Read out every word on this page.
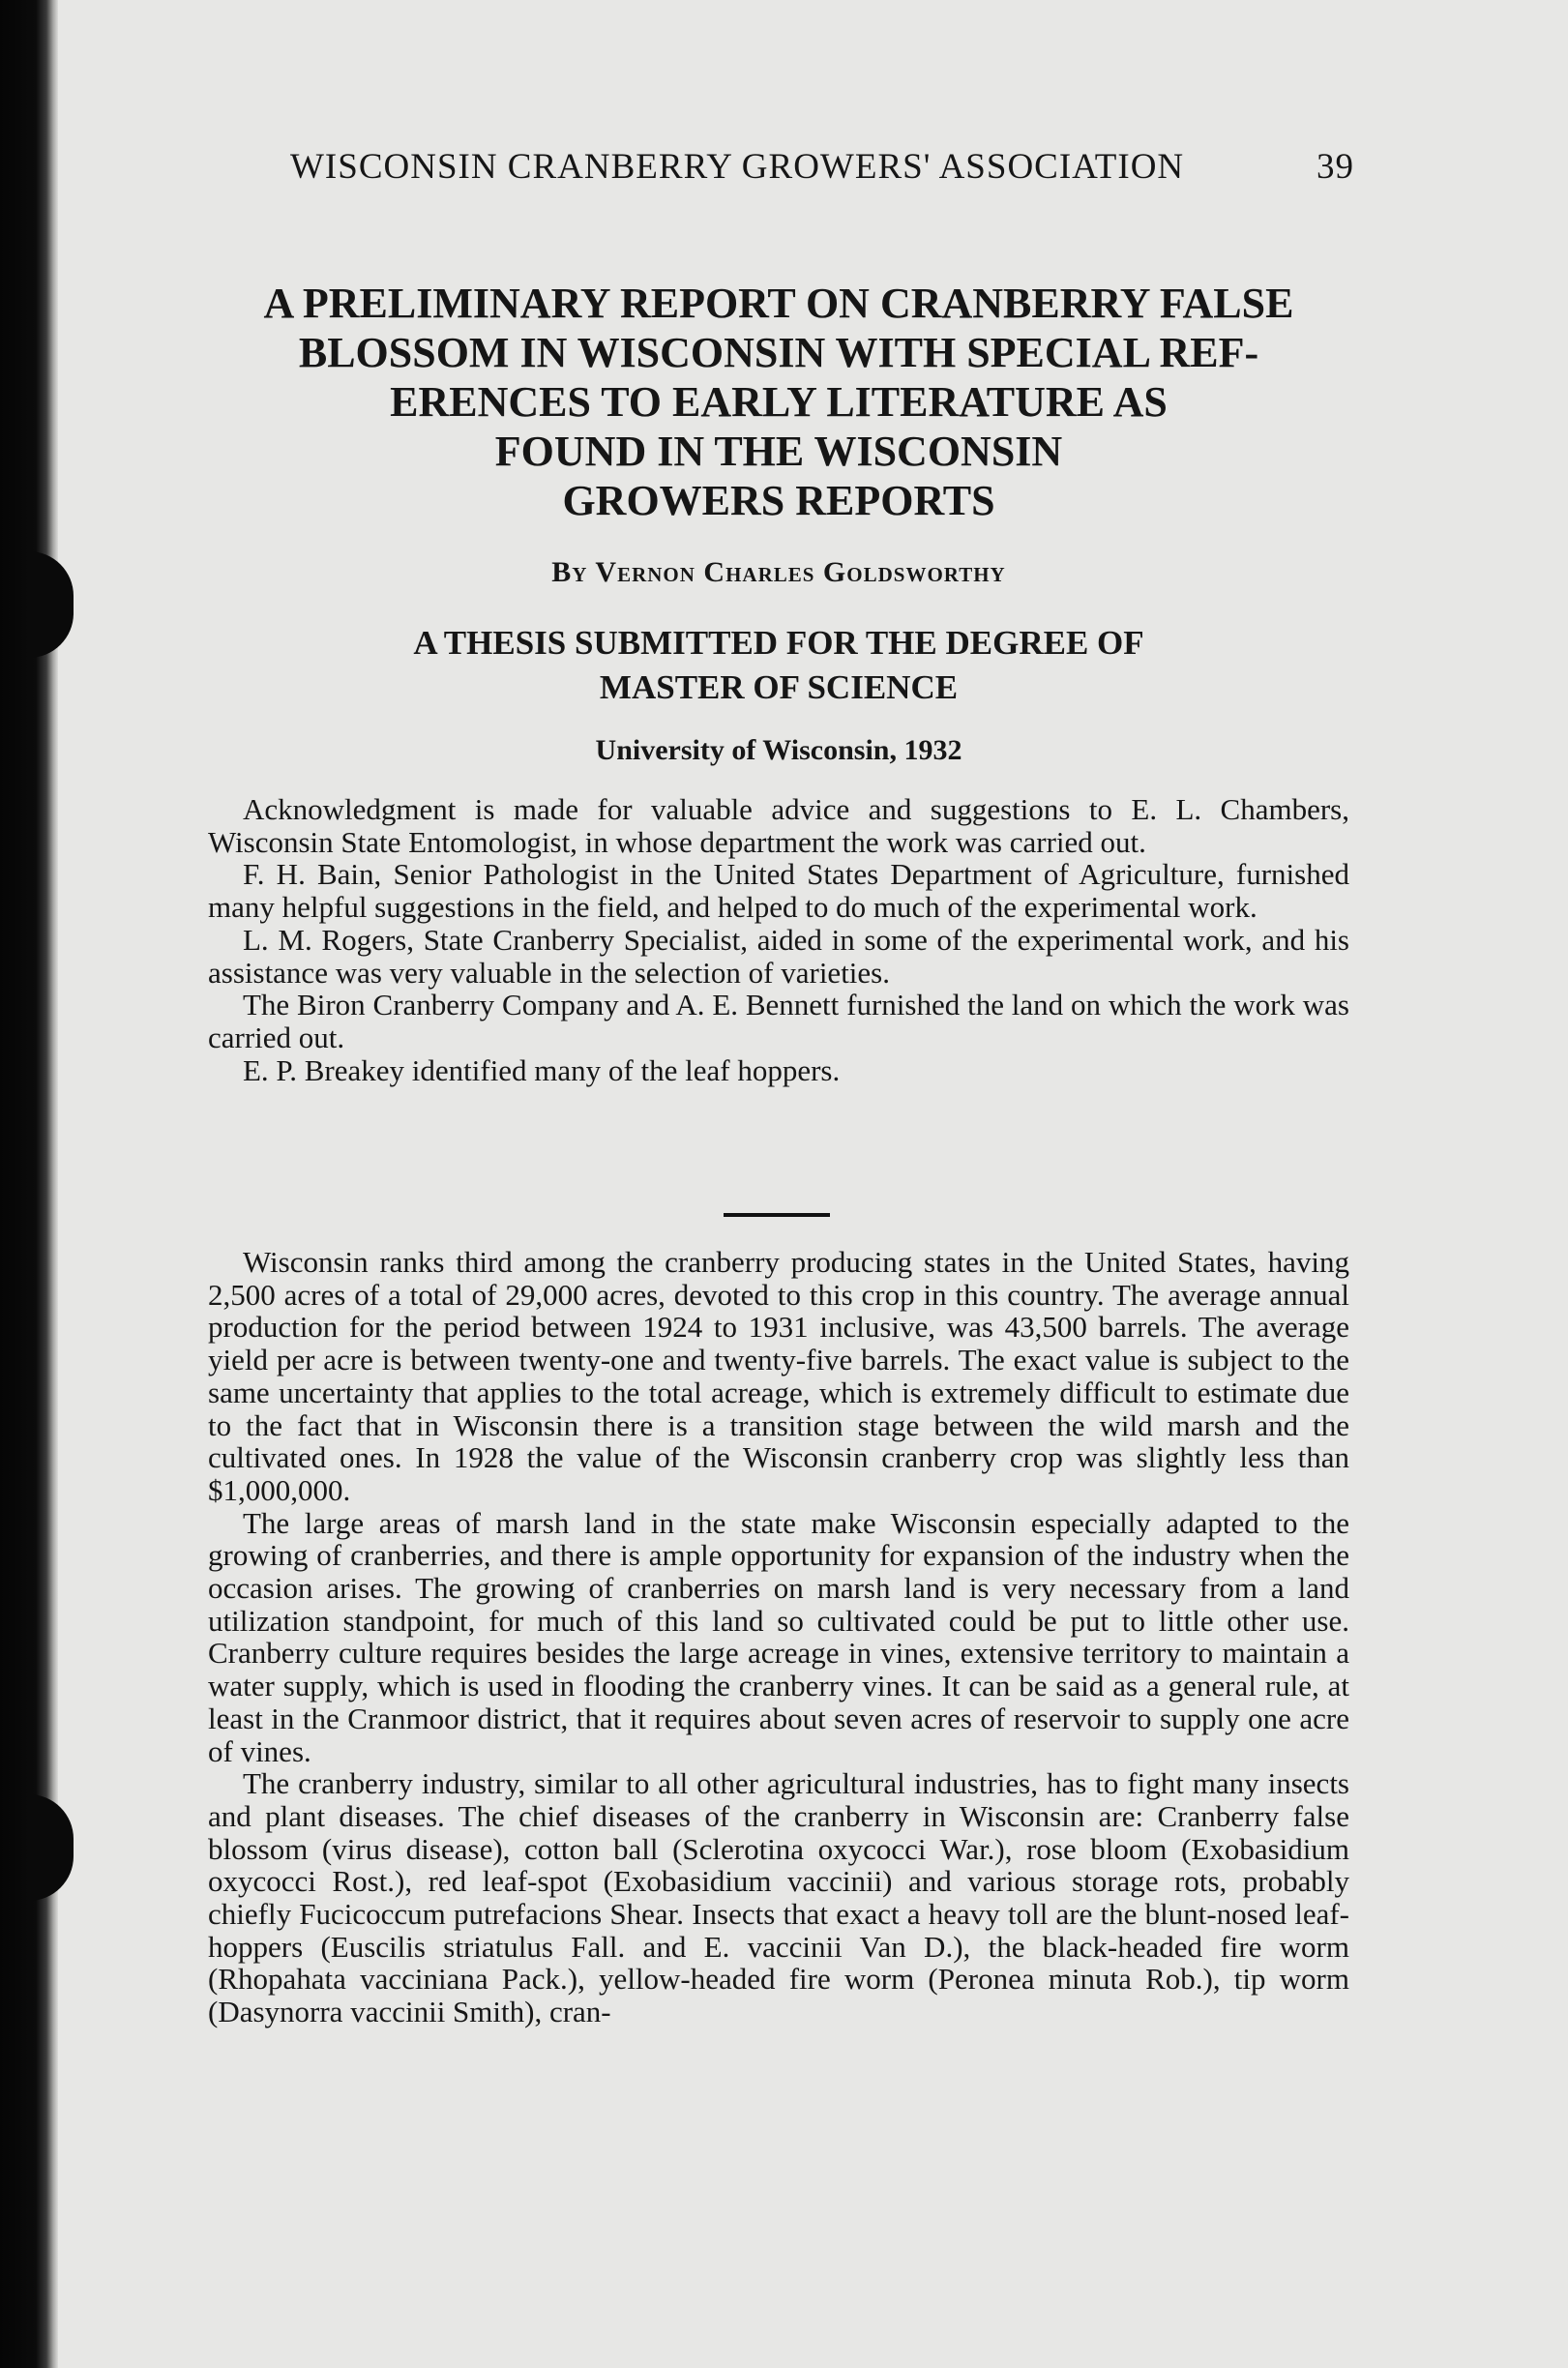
WISCONSIN CRANBERRY GROWERS' ASSOCIATION	39
A PRELIMINARY REPORT ON CRANBERRY FALSE
BLOSSOM IN WISCONSIN WITH SPECIAL REF-
ERENCES TO EARLY LITERATURE AS
FOUND IN THE WISCONSIN
GROWERS REPORTS
By Vernon Charles Goldsworthy
A THESIS SUBMITTED FOR THE DEGREE OF
MASTER OF SCIENCE
University of Wisconsin, 1932

Acknowledgment is made for valuable advice and suggestions to E. L. Chambers, Wisconsin State Entomologist, in whose department the work was carried out.

F. H. Bain, Senior Pathologist in the United States Department of Agriculture, furnished many helpful suggestions in the field, and helped to do much of the experimental work.

L. M. Rogers, State Cranberry Specialist, aided in some of the experimental work, and his assistance was very valuable in the selection of varieties.

The Biron Cranberry Company and A. E. Bennett furnished the land on which the work was carried out.

E. P. Breakey identified many of the leaf hoppers.

Wisconsin ranks third among the cranberry producing states in the United States, having 2,500 acres of a total of 29,000 acres, devoted to this crop in this country. The average annual production for the period between 1924 to 1931 inclusive, was 43,500 barrels. The average yield per acre is between twenty-one and twenty-five barrels. The exact value is subject to the same uncertainty that applies to the total acreage, which is extremely difficult to estimate due to the fact that in Wisconsin there is a transition stage between the wild marsh and the cultivated ones. In 1928 the value of the Wisconsin cranberry crop was slightly less than $1,000,000.

The large areas of marsh land in the state make Wisconsin especially adapted to the growing of cranberries, and there is ample opportunity for expansion of the industry when the occasion arises. The growing of cranberries on marsh land is very necessary from a land utilization standpoint, for much of this land so cultivated could be put to little other use. Cranberry culture requires besides the large acreage in vines, extensive territory to maintain a water supply, which is used in flooding the cranberry vines. It can be said as a general rule, at least in the Cranmoor district, that it requires about seven acres of reservoir to supply one acre of vines.

The cranberry industry, similar to all other agricultural industries, has to fight many insects and plant diseases. The chief diseases of the cranberry in Wisconsin are: Cranberry false blossom (virus disease), cotton ball (Sclerotina oxycocci War.), rose bloom (Exobasidium oxycocci Rost.), red leaf-spot (Exobasidium vaccinii) and various storage rots, probably chiefly Fucicoccum putrefacions Shear. Insects that exact a heavy toll are the blunt-nosed leaf-hoppers (Euscilis striatulus Fall. and E. vaccinii Van D.), the black-headed fire worm (Rhopahata vacciniana Pack.), yellow-headed fire worm (Peronea minuta Rob.), tip worm (Dasynorra vaccinii Smith), cran-
